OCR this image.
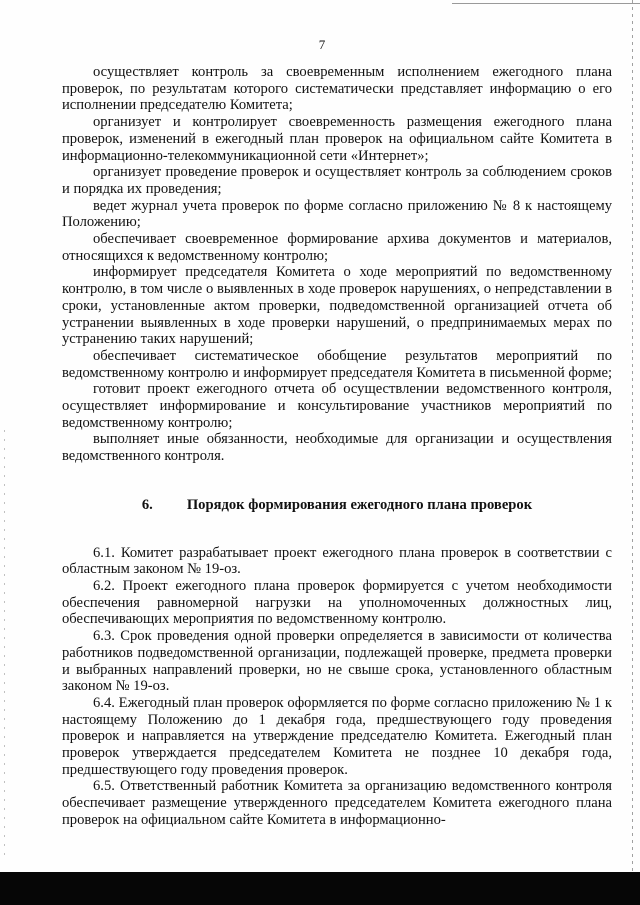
7

осуществляет контроль за своевременным исполнением ежегодного плана проверок, по результатам которого систематически представляет информацию о его исполнении председателю Комитета;

организует и контролирует своевременность размещения ежегодного плана проверок, изменений в ежегодный план проверок на официальном сайте Комитета в информационно-телекоммуникационной сети «Интернет»;

организует проведение проверок и осуществляет контроль за соблюдением сроков и порядка их проведения;

ведет журнал учета проверок по форме согласно приложению № 8 к настоящему Положению;

обеспечивает своевременное формирование архива документов и материалов, относящихся к ведомственному контролю;

информирует председателя Комитета о ходе мероприятий по ведомственному контролю, в том числе о выявленных в ходе проверок нарушениях, о непредставлении в сроки, установленные актом проверки, подведомственной организацией отчета об устранении выявленных в ходе проверки нарушений, о предпринимаемых мерах по устранению таких нарушений;

обеспечивает систематическое обобщение результатов мероприятий по ведомственному контролю и информирует председателя Комитета в письменной форме;

готовит проект ежегодного отчета об осуществлении ведомственного контроля, осуществляет информирование и консультирование участников мероприятий по ведомственному контролю;

выполняет иные обязанности, необходимые для организации и осуществления ведомственного контроля.

6. Порядок формирования ежегодного плана проверок

6.1. Комитет разрабатывает проект ежегодного плана проверок в соответствии с областным законом № 19-оз.

6.2. Проект ежегодного плана проверок формируется с учетом необходимости обеспечения равномерной нагрузки на уполномоченных должностных лиц, обеспечивающих мероприятия по ведомственному контролю.

6.3. Срок проведения одной проверки определяется в зависимости от количества работников подведомственной организации, подлежащей проверке, предмета проверки и выбранных направлений проверки, но не свыше срока, установленного областным законом № 19-оз.

6.4. Ежегодный план проверок оформляется по форме согласно приложению № 1 к настоящему Положению до 1 декабря года, предшествующего году проведения проверок и направляется на утверждение председателю Комитета. Ежегодный план проверок утверждается председателем Комитета не позднее 10 декабря года, предшествующего году проведения проверок.

6.5. Ответственный работник Комитета за организацию ведомственного контроля обеспечивает размещение утвержденного председателем Комитета ежегодного плана проверок на официальном сайте Комитета в информационно-
